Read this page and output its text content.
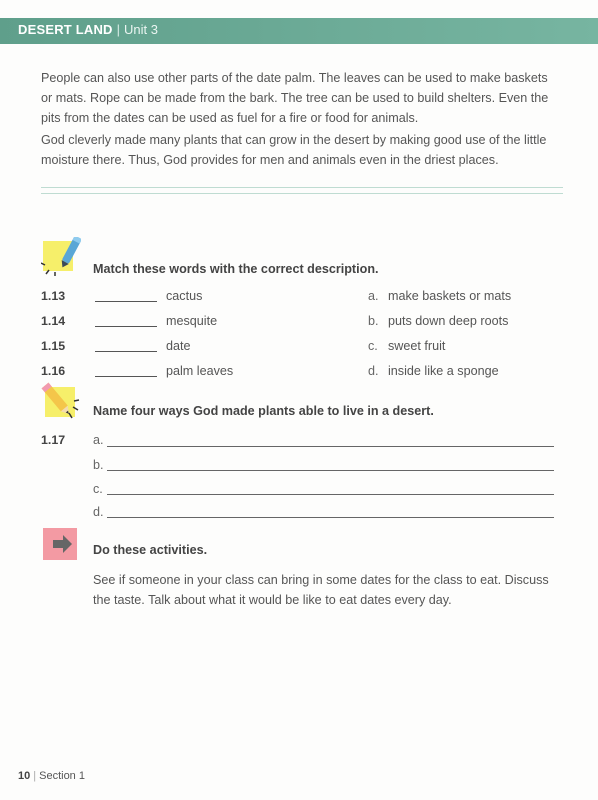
DESERT LAND | Unit 3

People can also use other parts of the date palm. The leaves can be used to make baskets or mats. Rope can be made from the bark. The tree can be used to build shelters. Even the pits from the dates can be used as fuel for a fire or food for animals.

God cleverly made many plants that can grow in the desert by making good use of the little moisture there. Thus, God provides for men and animals even in the driest places.

Match these words with the correct description.
1.13	cactus	a. make baskets or mats
1.14	mesquite	b. puts down deep roots
1.15	date	c. sweet fruit
1.16	palm leaves	d. inside like a sponge
Name four ways God made plants able to live in a desert.
1.17 a.
b.
c.
d.
Do these activities.

See if someone in your class can bring in some dates for the class to eat. Discuss the taste. Talk about what it would be like to eat dates every day.

10 | Section 1
